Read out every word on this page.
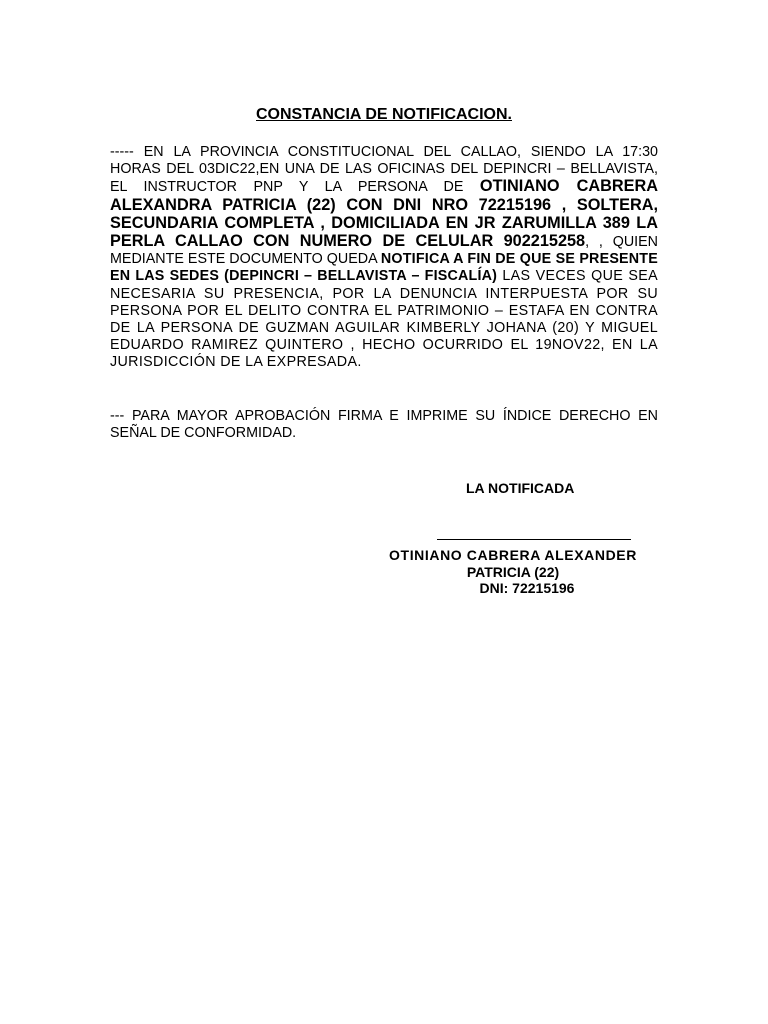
CONSTANCIA DE NOTIFICACION.
----- EN LA PROVINCIA CONSTITUCIONAL DEL CALLAO, SIENDO LA 17:30 HORAS DEL 03DIC22,EN UNA DE LAS OFICINAS DEL DEPINCRI – BELLAVISTA, EL INSTRUCTOR PNP Y LA PERSONA DE OTINIANO CABRERA ALEXANDRA PATRICIA (22) CON DNI NRO 72215196 , SOLTERA, SECUNDARIA COMPLETA , DOMICILIADA EN JR ZARUMILLA 389 LA PERLA CALLAO CON NUMERO DE CELULAR 902215258, , QUIEN MEDIANTE ESTE DOCUMENTO QUEDA NOTIFICA A FIN DE QUE SE PRESENTE EN LAS SEDES (DEPINCRI – BELLAVISTA – FISCALÍA) LAS VECES QUE SEA NECESARIA SU PRESENCIA, POR LA DENUNCIA INTERPUESTA POR SU PERSONA POR EL DELITO CONTRA EL PATRIMONIO – ESTAFA EN CONTRA DE LA PERSONA DE GUZMAN AGUILAR KIMBERLY JOHANA (20) Y MIGUEL EDUARDO RAMIREZ QUINTERO , HECHO OCURRIDO EL 19NOV22, EN LA JURISDICCIÓN DE LA EXPRESADA.
--- PARA MAYOR APROBACIÓN FIRMA E IMPRIME SU ÍNDICE DERECHO EN SEÑAL DE CONFORMIDAD.
LA NOTIFICADA
OTINIANO CABRERA ALEXANDER
PATRICIA (22)
DNI: 72215196
